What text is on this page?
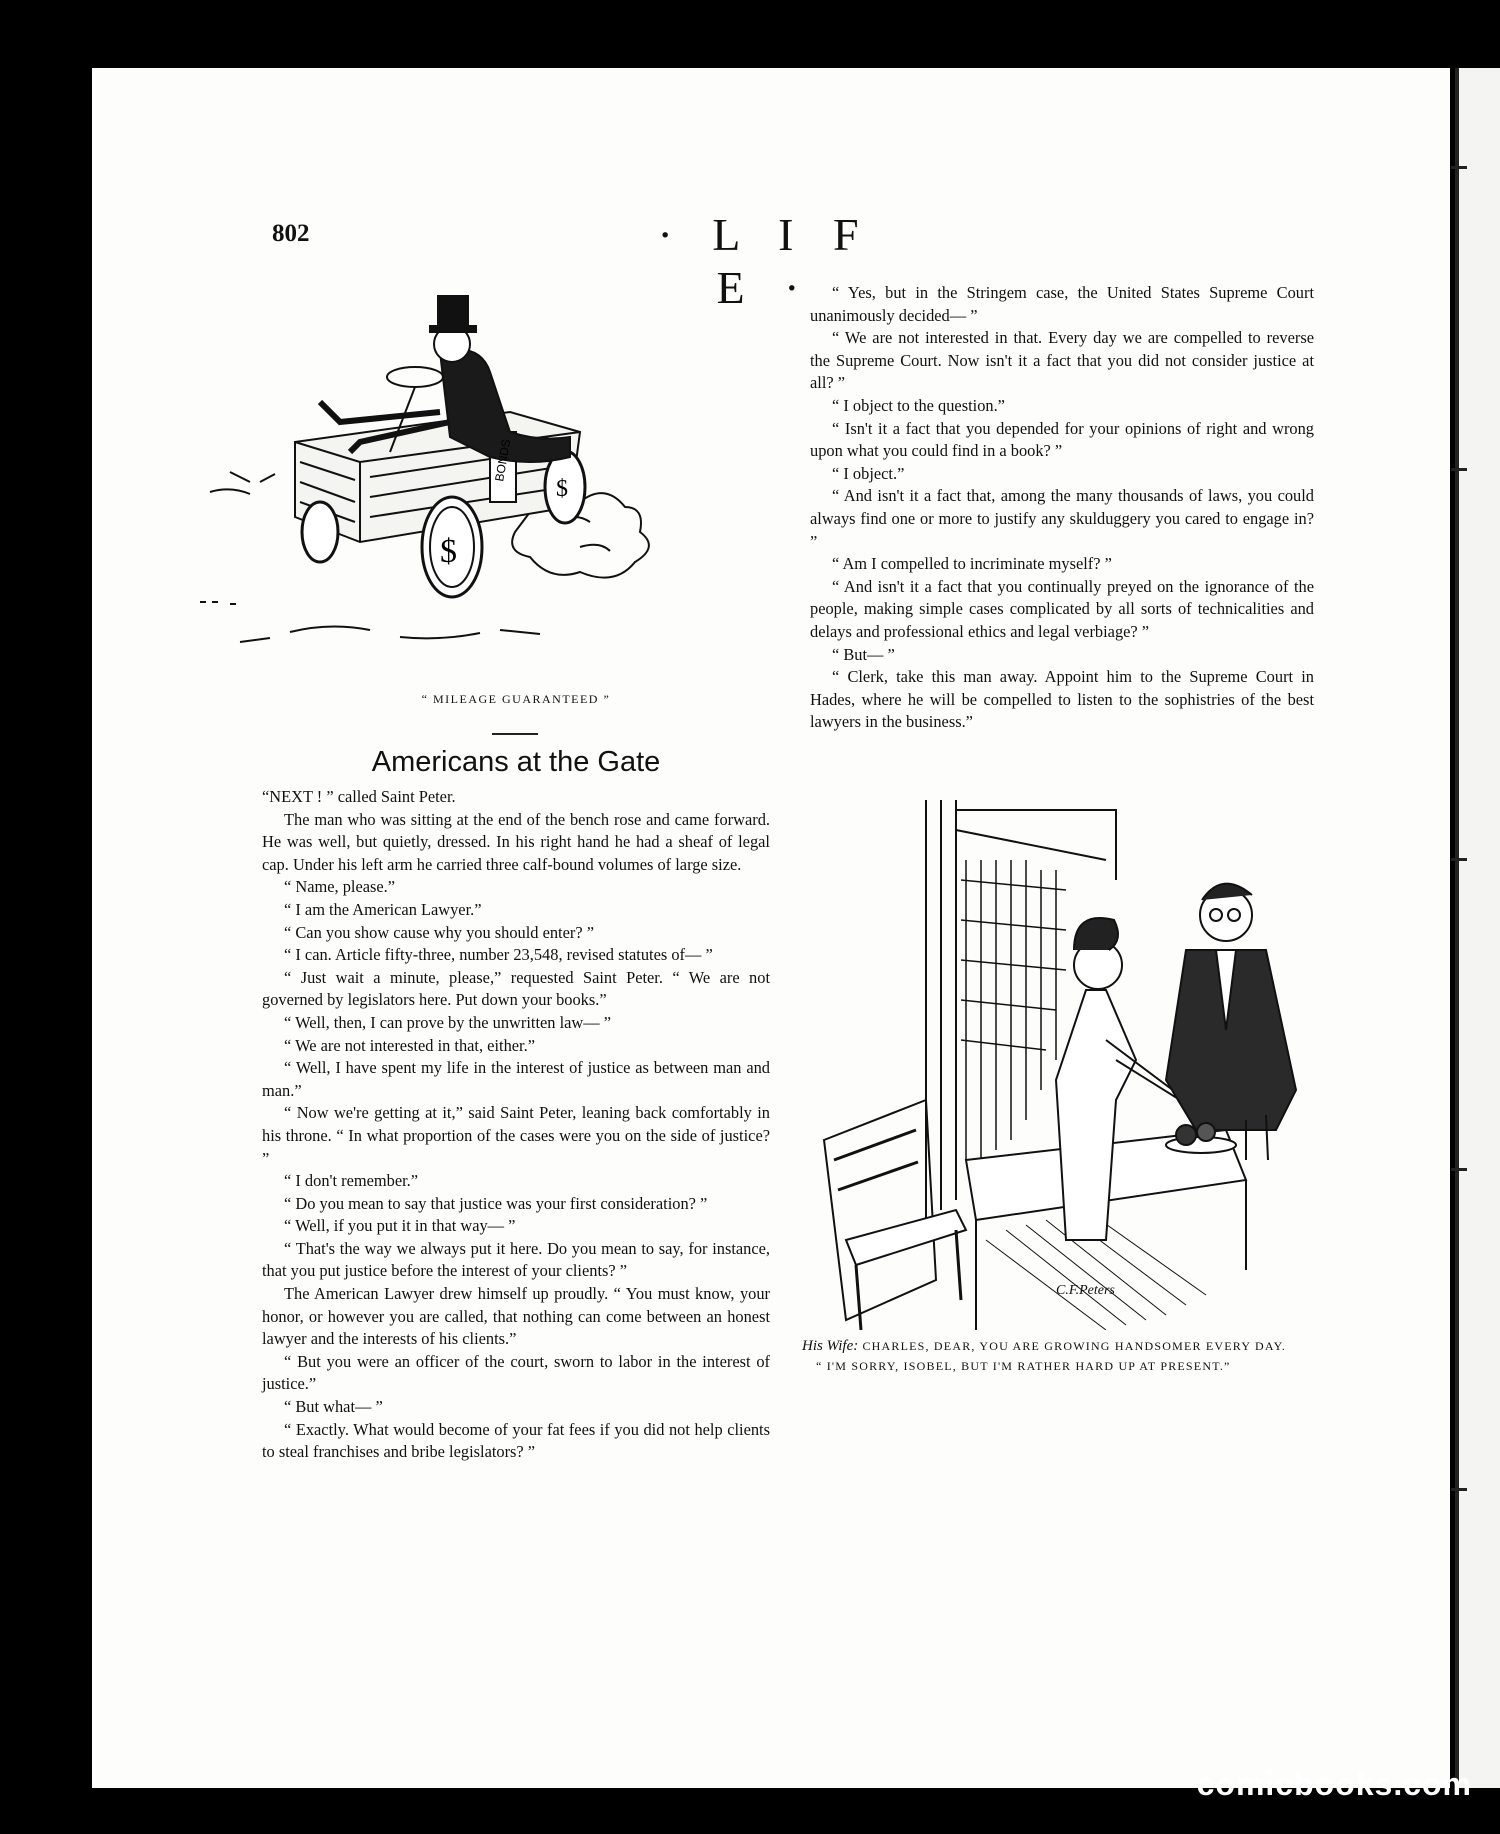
802	· L I F E ·
BONDS
$
$
“ MILEAGE GUARANTEED ”
Americans at the Gate

“NEXT ! ” called Saint Peter.

The man who was sitting at the end of the bench rose and came forward. He was well, but quietly, dressed. In his right hand he had a sheaf of legal cap. Under his left arm he carried three calf-bound volumes of large size.

“ Name, please.”

“ I am the American Lawyer.”

“ Can you show cause why you should enter? ”

“ I can. Article fifty-three, number 23,548, revised statutes of— ”

“ Just wait a minute, please,” requested Saint Peter. “ We are not governed by legislators here. Put down your books.”

“ Well, then, I can prove by the unwritten law— ”

“ We are not interested in that, either.”

“ Well, I have spent my life in the interest of justice as between man and man.”

“ Now we're getting at it,” said Saint Peter, leaning back comfortably in his throne. “ In what proportion of the cases were you on the side of justice? ”

“ I don't remember.”

“ Do you mean to say that justice was your first consideration? ”

“ Well, if you put it in that way— ”

“ That's the way we always put it here. Do you mean to say, for instance, that you put justice before the interest of your clients? ”

The American Lawyer drew himself up proudly. “ You must know, your honor, or however you are called, that nothing can come between an honest lawyer and the interests of his clients.”

“ But you were an officer of the court, sworn to labor in the interest of justice.”

“ But what— ”

“ Exactly. What would become of your fat fees if you did not help clients to steal franchises and bribe legislators? ”

“ Yes, but in the Stringem case, the United States Supreme Court unanimously decided— ”

“ We are not interested in that. Every day we are compelled to reverse the Supreme Court. Now isn't it a fact that you did not consider justice at all? ”

“ I object to the question.”

“ Isn't it a fact that you depended for your opinions of right and wrong upon what you could find in a book? ”

“ I object.”

“ And isn't it a fact that, among the many thousands of laws, you could always find one or more to justify any skulduggery you cared to engage in? ”

“ Am I compelled to incriminate myself? ”

“ And isn't it a fact that you continually preyed on the ignorance of the people, making simple cases complicated by all sorts of technicalities and delays and professional ethics and legal verbiage? ”

“ But— ”

“ Clerk, take this man away. Appoint him to the Supreme Court in Hades, where he will be compelled to listen to the sophistries of the best lawyers in the business.”

C.F.Peters
His Wife: CHARLES, DEAR, YOU ARE GROWING HANDSOMER EVERY DAY.
“ I'M SORRY, ISOBEL, BUT I'M RATHER HARD UP AT PRESENT.”
comicbooks.com
